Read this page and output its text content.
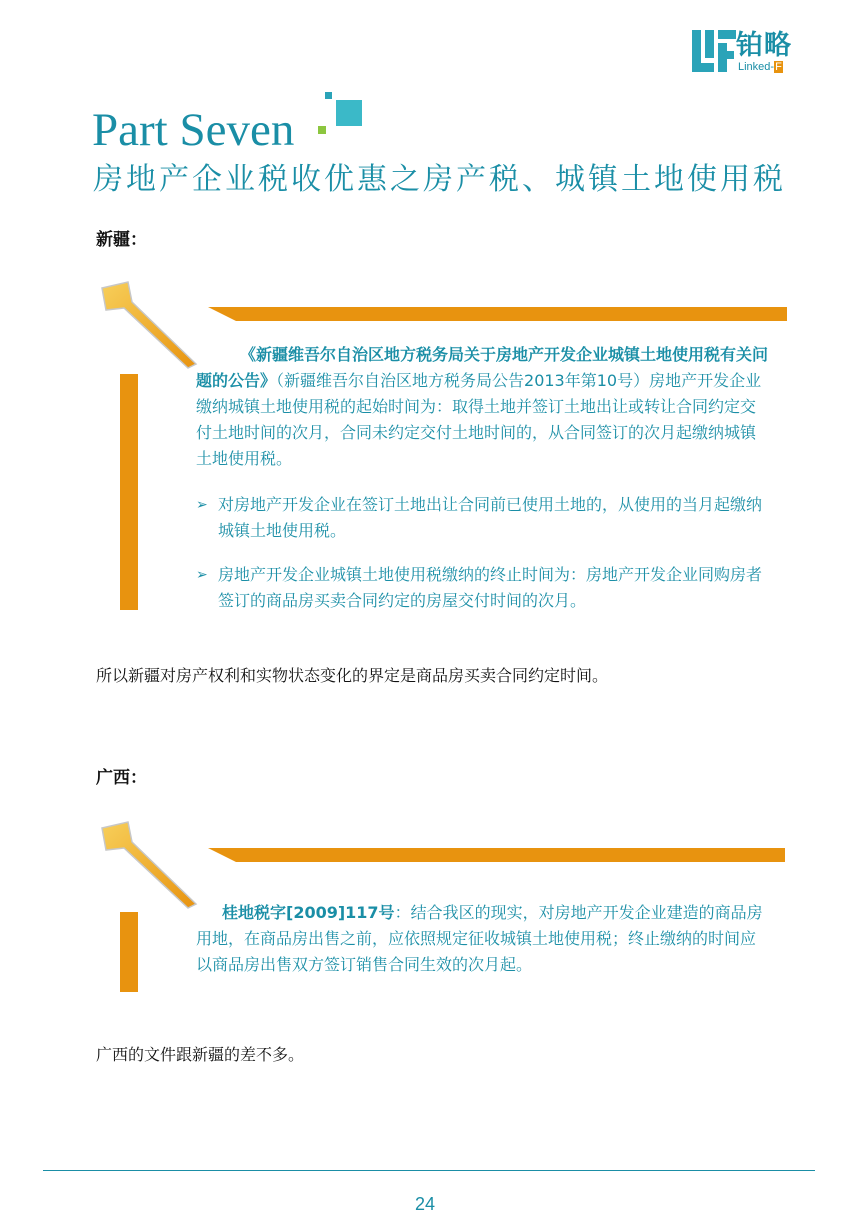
铂略
Linked-F
Part Seven
房地产企业税收优惠之房产税、城镇土地使用税
新疆：

《新疆维吾尔自治区地方税务局关于房地产开发企业城镇土地使用税有关问题的公告》（新疆维吾尔自治区地方税务局公告2013年第10号）房地产开发企业缴纳城镇土地使用税的起始时间为：取得土地并签订土地出让或转让合同约定交付土地时间的次月，合同未约定交付土地时间的，从合同签订的次月起缴纳城镇土地使用税。

➢ 对房地产开发企业在签订土地出让合同前已使用土地的，从使用的当月起缴纳城镇土地使用税。
➢ 房地产开发企业城镇土地使用税缴纳的终止时间为：房地产开发企业同购房者签订的商品房买卖合同约定的房屋交付时间的次月。
所以新疆对房产权利和实物状态变化的界定是商品房买卖合同约定时间。
广西：

桂地税字[2009]117号：结合我区的现实，对房地产开发企业建造的商品房用地，在商品房出售之前，应依照规定征收城镇土地使用税；终止缴纳的时间应以商品房出售双方签订销售合同生效的次月起。

广西的文件跟新疆的差不多。
24
